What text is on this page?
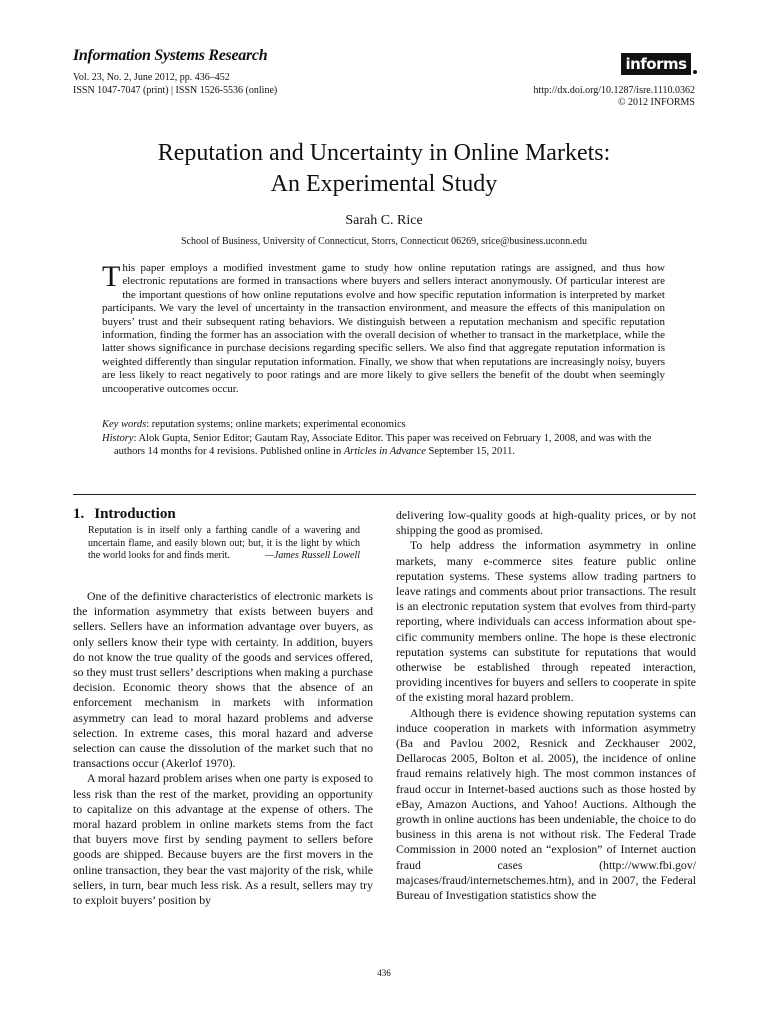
Information Systems Research
Vol. 23, No. 2, June 2012, pp. 436–452
ISSN 1047-7047 (print) | ISSN 1526-5536 (online)
informs
http://dx.doi.org/10.1287/isre.1110.0362
© 2012 INFORMS
Reputation and Uncertainty in Online Markets:
An Experimental Study
Sarah C. Rice
School of Business, University of Connecticut, Storrs, Connecticut 06269, srice@business.uconn.edu
This paper employs a modified investment game to study how online reputation ratings are assigned, and thus how electronic reputations are formed in transactions where buyers and sellers interact anonymously. Of particular interest are the important questions of how online reputations evolve and how specific reputation information is interpreted by market participants. We vary the level of uncertainty in the transaction environment, and measure the effects of this manipulation on buyers’ trust and their subsequent rating behaviors. We distinguish between a reputation mechanism and specific reputation information, finding the former has an association with the overall decision of whether to transact in the marketplace, while the latter shows significance in purchase decisions regarding specific sellers. We also find that aggregate reputation information is weighted differently than singular reputation information. Finally, we show that when reputations are increasingly noisy, buyers are less likely to react negatively to poor ratings and are more likely to give sellers the benefit of the doubt when seemingly uncooperative outcomes occur.
Key words: reputation systems; online markets; experimental economics
History: Alok Gupta, Senior Editor; Gautam Ray, Associate Editor. This paper was received on February 1, 2008, and was with the authors 14 months for 4 revisions. Published online in Articles in Advance September 15, 2011.
1. Introduction
Reputation is in itself only a farthing candle of a wavering and uncertain flame, and easily blown out; but, it is the light by which the world looks for and finds merit.	—James Russell Lowell

One of the definitive characteristics of electronic markets is the information asymmetry that exists between buyers and sellers. Sellers have an information advantage over buyers, as only sellers know their type with certainty. In addition, buyers do not know the true quality of the goods and services offered, so they must trust sellers’ descriptions when making a purchase decision. Economic theory shows that the absence of an enforcement mechanism in markets with information asymmetry can lead to moral hazard problems and adverse selection. In extreme cases, this moral hazard and adverse selection can cause the dissolution of the market such that no transactions occur (Akerlof 1970).

A moral hazard problem arises when one party is exposed to less risk than the rest of the market, providing an opportunity to capitalize on this advantage at the expense of others. The moral hazard problem in online markets stems from the fact that buyers move first by sending payment to sellers before goods are shipped. Because buyers are the first movers in the online transaction, they bear the vast majority of the risk, while sellers, in turn, bear much less risk. As a result, sellers may try to exploit buyers’ position by

delivering low-quality goods at high-quality prices, or by not shipping the good as promised.

To help address the information asymmetry in online markets, many e-commerce sites feature public online reputation systems. These systems allow trading partners to leave ratings and comments about prior transactions. The result is an electronic reputation system that evolves from third-party reporting, where individuals can access information about specific community members online. The hope is these electronic reputation systems can substitute for reputations that would otherwise be established through repeated interaction, providing incentives for buyers and sellers to cooperate in spite of the existing moral hazard problem.

Although there is evidence showing reputation systems can induce cooperation in markets with information asymmetry (Ba and Pavlou 2002, Resnick and Zeckhauser 2002, Dellarocas 2005, Bolton et al. 2005), the incidence of online fraud remains relatively high. The most common instances of fraud occur in Internet-based auctions such as those hosted by eBay, Amazon Auctions, and Yahoo! Auctions. Although the growth in online auctions has been undeniable, the choice to do business in this arena is not without risk. The Federal Trade Commission in 2000 noted an “explosion” of Internet auction fraud cases (http://www.fbi.gov/ majcases/fraud/internetschemes.htm), and in 2007, the Federal Bureau of Investigation statistics show the

436
